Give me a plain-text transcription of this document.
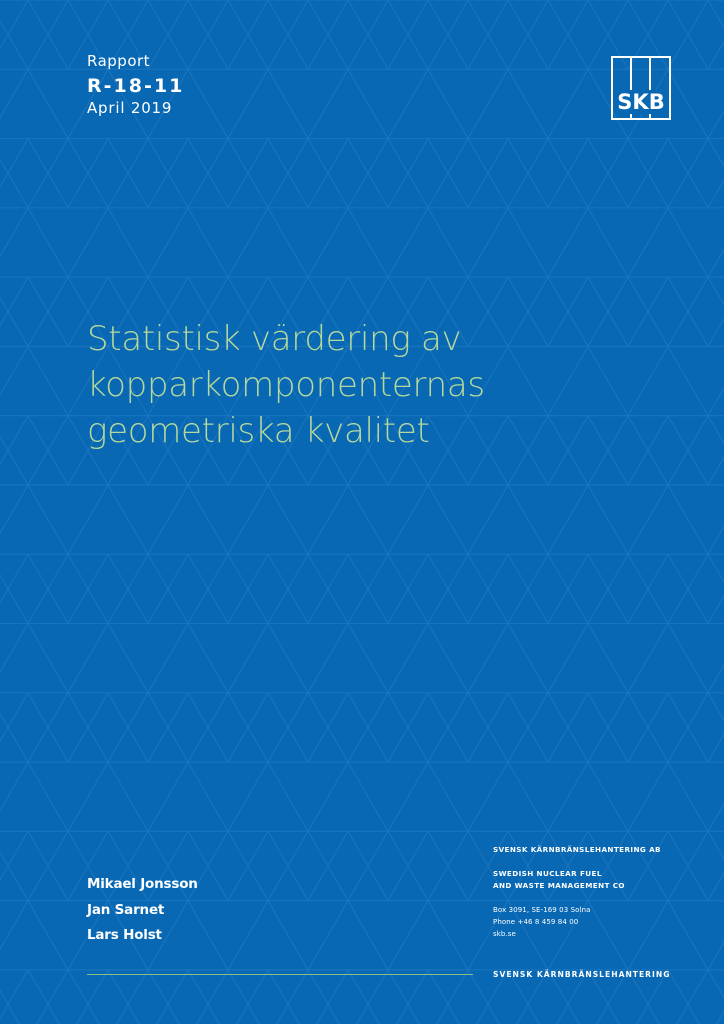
Rapport
R-18-11
April 2019	SKB
Statistisk värdering av
kopparkomponenternas
geometriska kvalitet
Mikael Jonsson
Jan Sarnet
Lars Holst
SVENSK KÄRNBRÄNSLEHANTERING AB
SWEDISH NUCLEAR FUEL
AND WASTE MANAGEMENT CO
Box 3091, SE-169 03 Solna
Phone +46 8 459 84 00
skb.se
SVENSK KÄRNBRÄNSLEHANTERING
